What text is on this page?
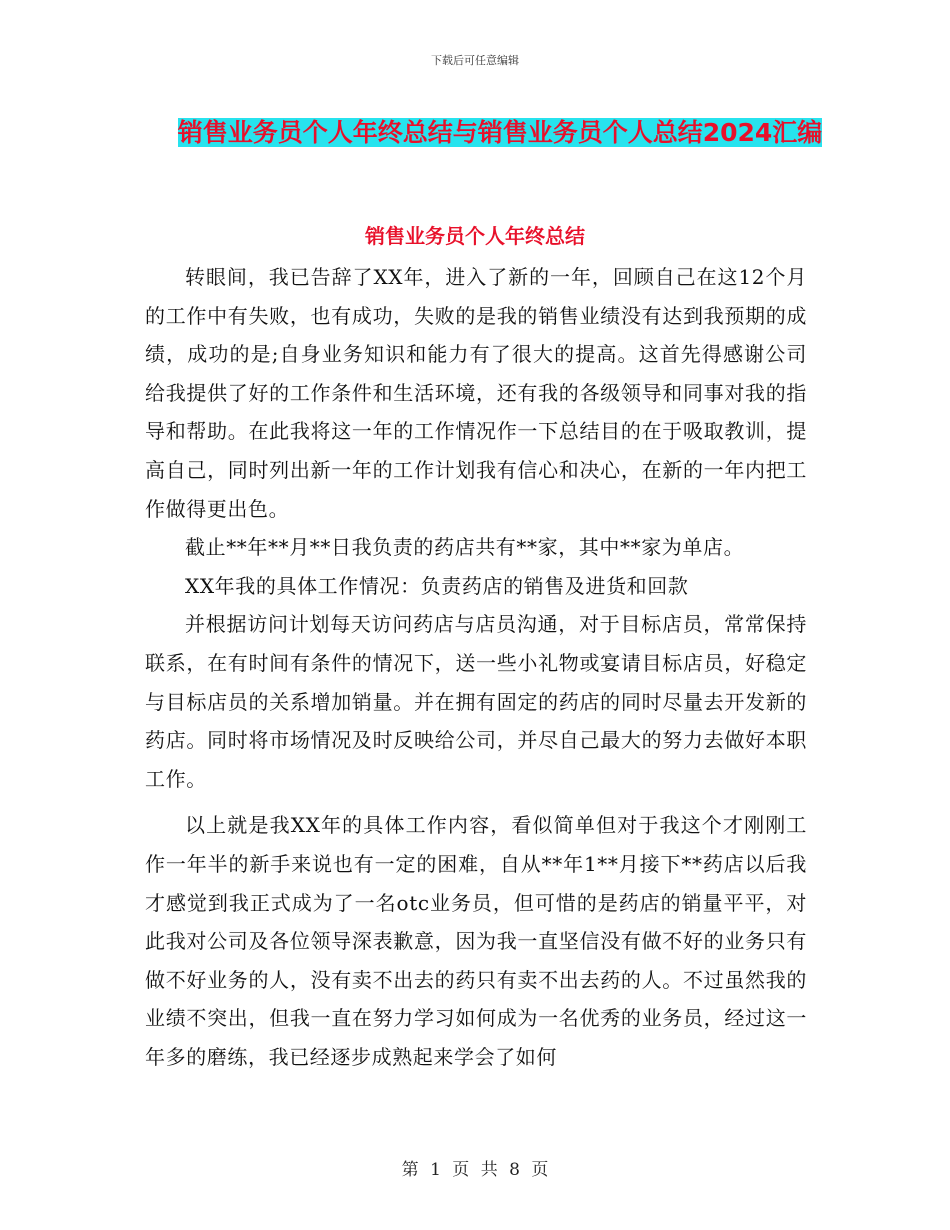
下载后可任意编辑
销售业务员个人年终总结与销售业务员个人总结2024汇编
销售业务员个人年终总结

转眼间，我已告辞了XX年，进入了新的一年，回顾自己在这12个月的工作中有失败，也有成功，失败的是我的销售业绩没有达到我预期的成绩，成功的是;自身业务知识和能力有了很大的提高。这首先得感谢公司给我提供了好的工作条件和生活环境，还有我的各级领导和同事对我的指导和帮助。在此我将这一年的工作情况作一下总结目的在于吸取教训，提高自己，同时列出新一年的工作计划我有信心和决心，在新的一年内把工作做得更出色。

截止**年**月**日我负责的药店共有**家，其中**家为单店。

XX年我的具体工作情况：负责药店的销售及进货和回款

并根据访问计划每天访问药店与店员沟通，对于目标店员，常常保持联系，在有时间有条件的情况下，送一些小礼物或宴请目标店员，好稳定与目标店员的关系增加销量。并在拥有固定的药店的同时尽量去开发新的药店。同时将市场情况及时反映给公司，并尽自己最大的努力去做好本职工作。

以上就是我XX年的具体工作内容，看似简单但对于我这个才刚刚工作一年半的新手来说也有一定的困难，自从**年1**月接下**药店以后我才感觉到我正式成为了一名otc业务员，但可惜的是药店的销量平平，对此我对公司及各位领导深表歉意，因为我一直坚信没有做不好的业务只有做不好业务的人，没有卖不出去的药只有卖不出去药的人。不过虽然我的业绩不突出，但我一直在努力学习如何成为一名优秀的业务员，经过这一年多的磨练，我已经逐步成熟起来学会了如何

第 1 页 共 8 页
